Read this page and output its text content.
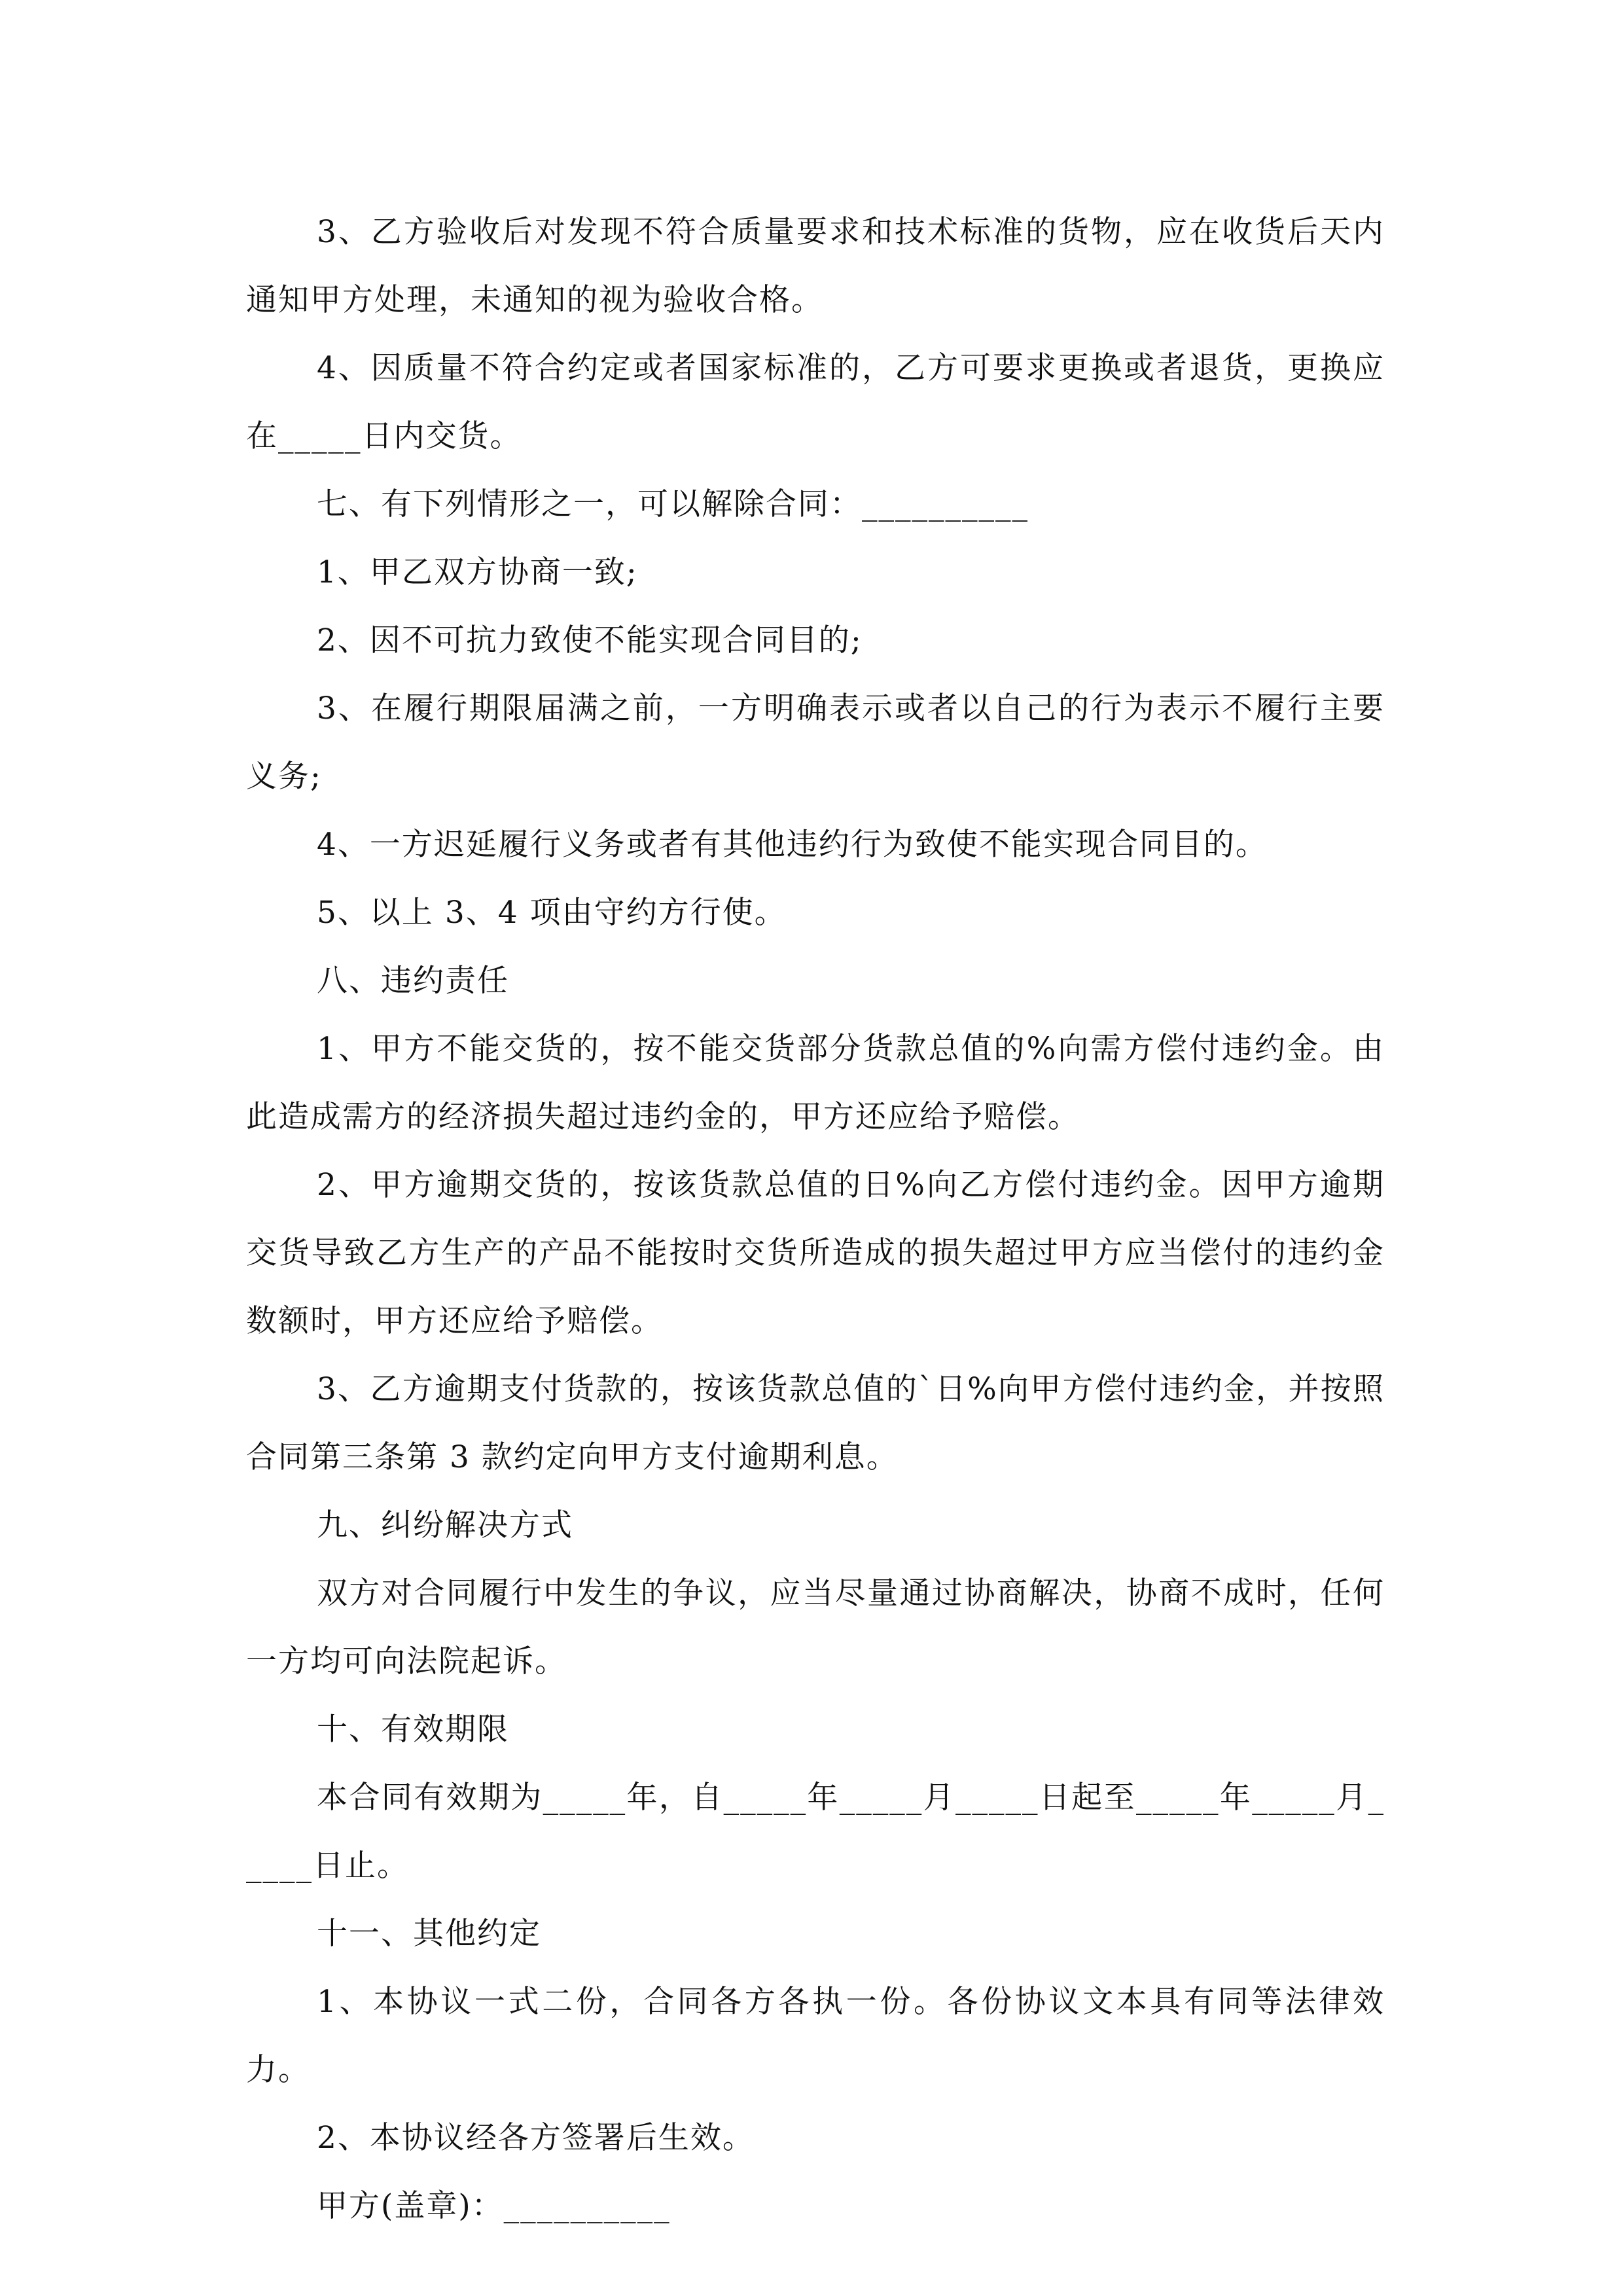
3、乙方验收后对发现不符合质量要求和技术标准的货物，应在收货后天内通知甲方处理，未通知的视为验收合格。

4、因质量不符合约定或者国家标准的，乙方可要求更换或者退货，更换应在_____日内交货。

七、有下列情形之一，可以解除合同：__________

1、甲乙双方协商一致;

2、因不可抗力致使不能实现合同目的;

3、在履行期限届满之前，一方明确表示或者以自己的行为表示不履行主要义务;

4、一方迟延履行义务或者有其他违约行为致使不能实现合同目的。

5、以上 3、4 项由守约方行使。

八、违约责任

1、甲方不能交货的，按不能交货部分货款总值的%向需方偿付违约金。由此造成需方的经济损失超过违约金的，甲方还应给予赔偿。

2、甲方逾期交货的，按该货款总值的日%向乙方偿付违约金。因甲方逾期交货导致乙方生产的产品不能按时交货所造成的损失超过甲方应当偿付的违约金数额时，甲方还应给予赔偿。

3、乙方逾期支付货款的，按该货款总值的`日%向甲方偿付违约金，并按照合同第三条第 3 款约定向甲方支付逾期利息。

九、纠纷解决方式

双方对合同履行中发生的争议，应当尽量通过协商解决，协商不成时，任何一方均可向法院起诉。

十、有效期限

本合同有效期为_____年，自_____年_____月_____日起至_____年_____月_____日止。

十一、其他约定

1、本协议一式二份，合同各方各执一份。各份协议文本具有同等法律效力。

2、本协议经各方签署后生效。

甲方(盖章)：__________
